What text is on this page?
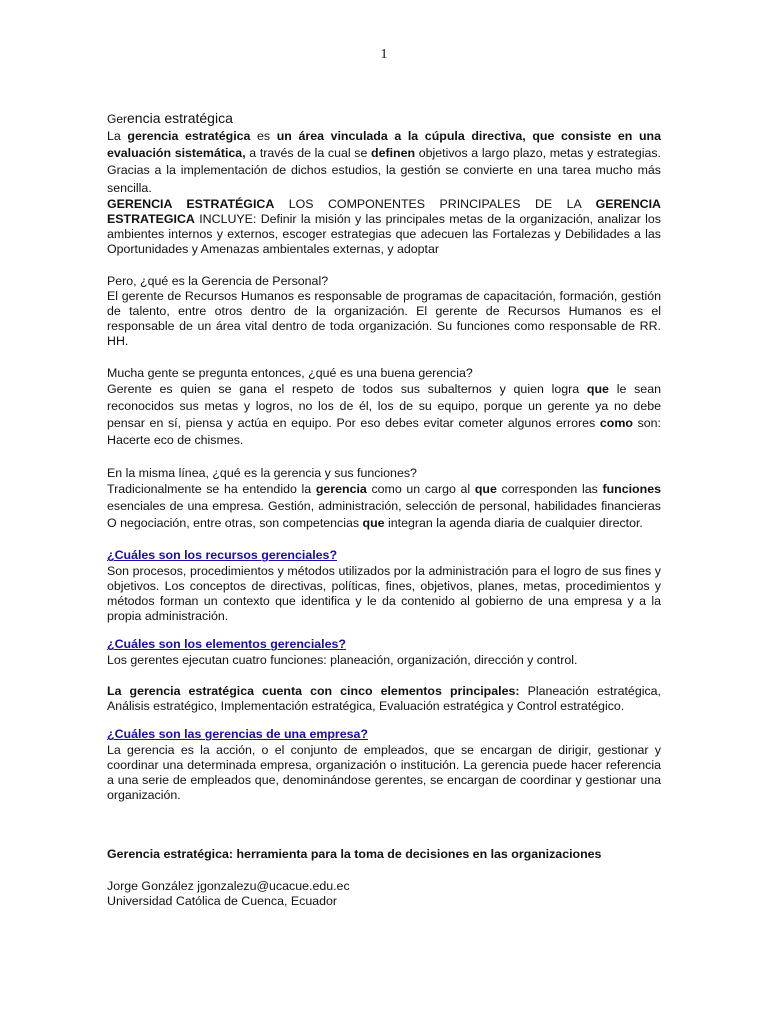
1

Gerencia estratégica

La gerencia estratégica es un área vinculada a la cúpula directiva, que consiste en una evaluación sistemática, a través de la cual se definen objetivos a largo plazo, metas y estrategias. Gracias a la implementación de dichos estudios, la gestión se convierte en una tarea mucho más sencilla.

GERENCIA ESTRATÉGICA LOS COMPONENTES PRINCIPALES DE LA GERENCIA ESTRATEGICA INCLUYE: Definir la misión y las principales metas de la organización, analizar los ambientes internos y externos, escoger estrategias que adecuen las Fortalezas y Debilidades a las Oportunidades y Amenazas ambientales externas, y adoptar

Pero, ¿qué es la Gerencia de Personal?

El gerente de Recursos Humanos es responsable de programas de capacitación, formación, gestión de talento, entre otros dentro de la organización. El gerente de Recursos Humanos es el responsable de un área vital dentro de toda organización. Su funciones como responsable de RR. HH.

Mucha gente se pregunta entonces, ¿qué es una buena gerencia?

Gerente es quien se gana el respeto de todos sus subalternos y quien logra que le sean reconocidos sus metas y logros, no los de él, los de su equipo, porque un gerente ya no debe pensar en sí, piensa y actúa en equipo. Por eso debes evitar cometer algunos errores como son: Hacerte eco de chismes.

En la misma línea, ¿qué es la gerencia y sus funciones?

Tradicionalmente se ha entendido la gerencia como un cargo al que corresponden las funciones esenciales de una empresa. Gestión, administración, selección de personal, habilidades financieras O negociación, entre otras, son competencias que integran la agenda diaria de cualquier director.

¿Cuáles son los recursos gerenciales?

Son procesos, procedimientos y métodos utilizados por la administración para el logro de sus fines y objetivos. Los conceptos de directivas, políticas, fines, objetivos, planes, metas, procedimientos y métodos forman un contexto que identifica y le da contenido al gobierno de una empresa y a la propia administración.

¿Cuáles son los elementos gerenciales?

Los gerentes ejecutan cuatro funciones: planeación, organización, dirección y control.

La gerencia estratégica cuenta con cinco elementos principales: Planeación estratégica, Análisis estratégico, Implementación estratégica, Evaluación estratégica y Control estratégico.

¿Cuáles son las gerencias de una empresa?

La gerencia es la acción, o el conjunto de empleados, que se encargan de dirigir, gestionar y coordinar una determinada empresa, organización o institución. La gerencia puede hacer referencia a una serie de empleados que, denominándose gerentes, se encargan de coordinar y gestionar una organización.

Gerencia estratégica: herramienta para la toma de decisiones en las organizaciones

Jorge González jgonzalezu@ucacue.edu.ec

Universidad Católica de Cuenca, Ecuador
